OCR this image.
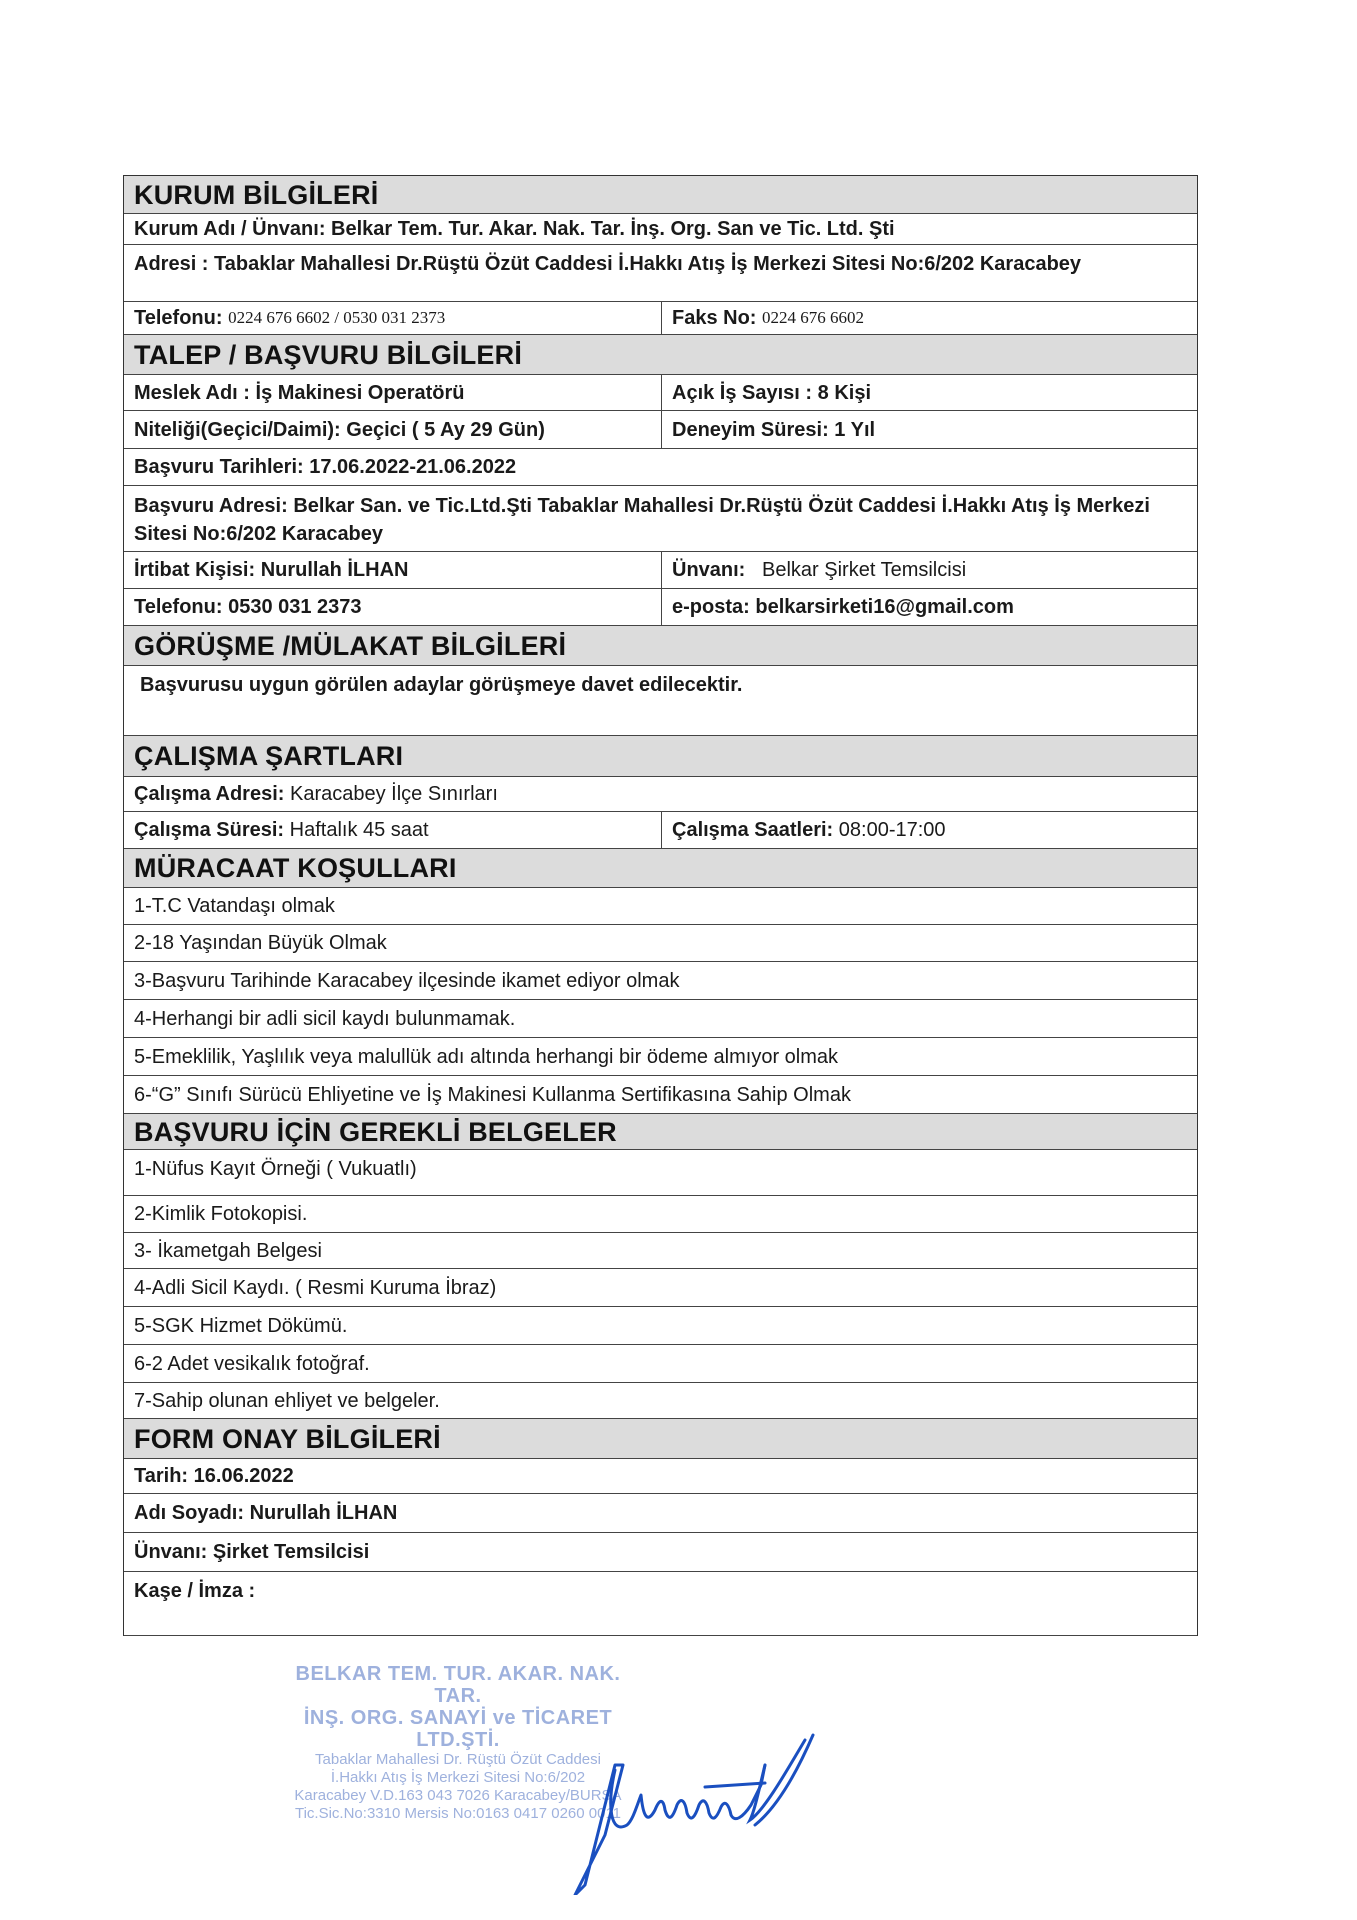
KURUM BİLGİLERİ
Kurum Adı / Ünvanı:
Belkar Tem. Tur. Akar. Nak. Tar. İnş. Org. San ve Tic. Ltd. Şti
Adresi :
Tabaklar Mahallesi Dr.Rüştü Özüt Caddesi İ.Hakkı Atış İş Merkezi Sitesi No:6/202 Karacabey
Telefonu:
0224 676 6602 / 0530 031 2373	Faks No:
0224 676 6602
TALEP / BAŞVURU BİLGİLERİ
Meslek Adı :
İş Makinesi Operatörü	Açık İş Sayısı :
8 Kişi
Niteliği(Geçici/Daimi):
Geçici ( 5 Ay 29 Gün)	Deneyim Süresi:
1 Yıl
Başvuru Tarihleri:
17.06.2022-21.06.2022
Başvuru Adresi: Belkar San. ve Tic.Ltd.Şti Tabaklar Mahallesi Dr.Rüştü Özüt Caddesi İ.Hakkı Atış İş Merkezi Sitesi No:6/202 Karacabey
İrtibat Kişisi:
Nurullah İLHAN	Ünvanı:
Belkar Şirket Temsilcisi
Telefonu:
0530 031 2373	e-posta:
belkarsirketi16@gmail.com
GÖRÜŞME /MÜLAKAT BİLGİLERİ
Başvurusu uygun görülen adaylar görüşmeye davet edilecektir.
ÇALIŞMA ŞARTLARI
Çalışma Adresi:
Karacabey İlçe Sınırları
Çalışma Süresi:
Haftalık 45 saat	Çalışma Saatleri:
08:00-17:00
MÜRACAAT KOŞULLARI
1-T.C Vatandaşı olmak
2-18 Yaşından Büyük Olmak
3-Başvuru Tarihinde Karacabey ilçesinde ikamet ediyor olmak
4-Herhangi bir adli sicil kaydı bulunmamak.
5-Emeklilik, Yaşlılık veya malullük adı altında herhangi bir ödeme almıyor olmak
6-“G” Sınıfı Sürücü Ehliyetine ve İş Makinesi Kullanma Sertifikasına Sahip Olmak
BAŞVURU İÇİN GEREKLİ BELGELER
1-Nüfus Kayıt Örneği ( Vukuatlı)
2-Kimlik Fotokopisi.
3- İkametgah Belgesi
4-Adli Sicil Kaydı. ( Resmi Kuruma İbraz)
5-SGK Hizmet Dökümü.
6-2 Adet vesikalık fotoğraf.
7-Sahip olunan ehliyet ve belgeler.
FORM ONAY BİLGİLERİ
Tarih:
16.06.2022
Adı Soyadı:
Nurullah İLHAN
Ünvanı:
Şirket Temsilcisi
Kaşe / İmza :
BELKAR TEM. TUR. AKAR. NAK. TAR.
İNŞ. ORG. SANAYİ ve TİCARET LTD.ŞTİ.
Tabaklar Mahallesi Dr. Rüştü Özüt Caddesi
İ.Hakkı Atış İş Merkezi Sitesi No:6/202
Karacabey V.D.163 043 7026 Karacabey/BURSA
Tic.Sic.No:3310 Mersis No:0163 0417 0260 0011
